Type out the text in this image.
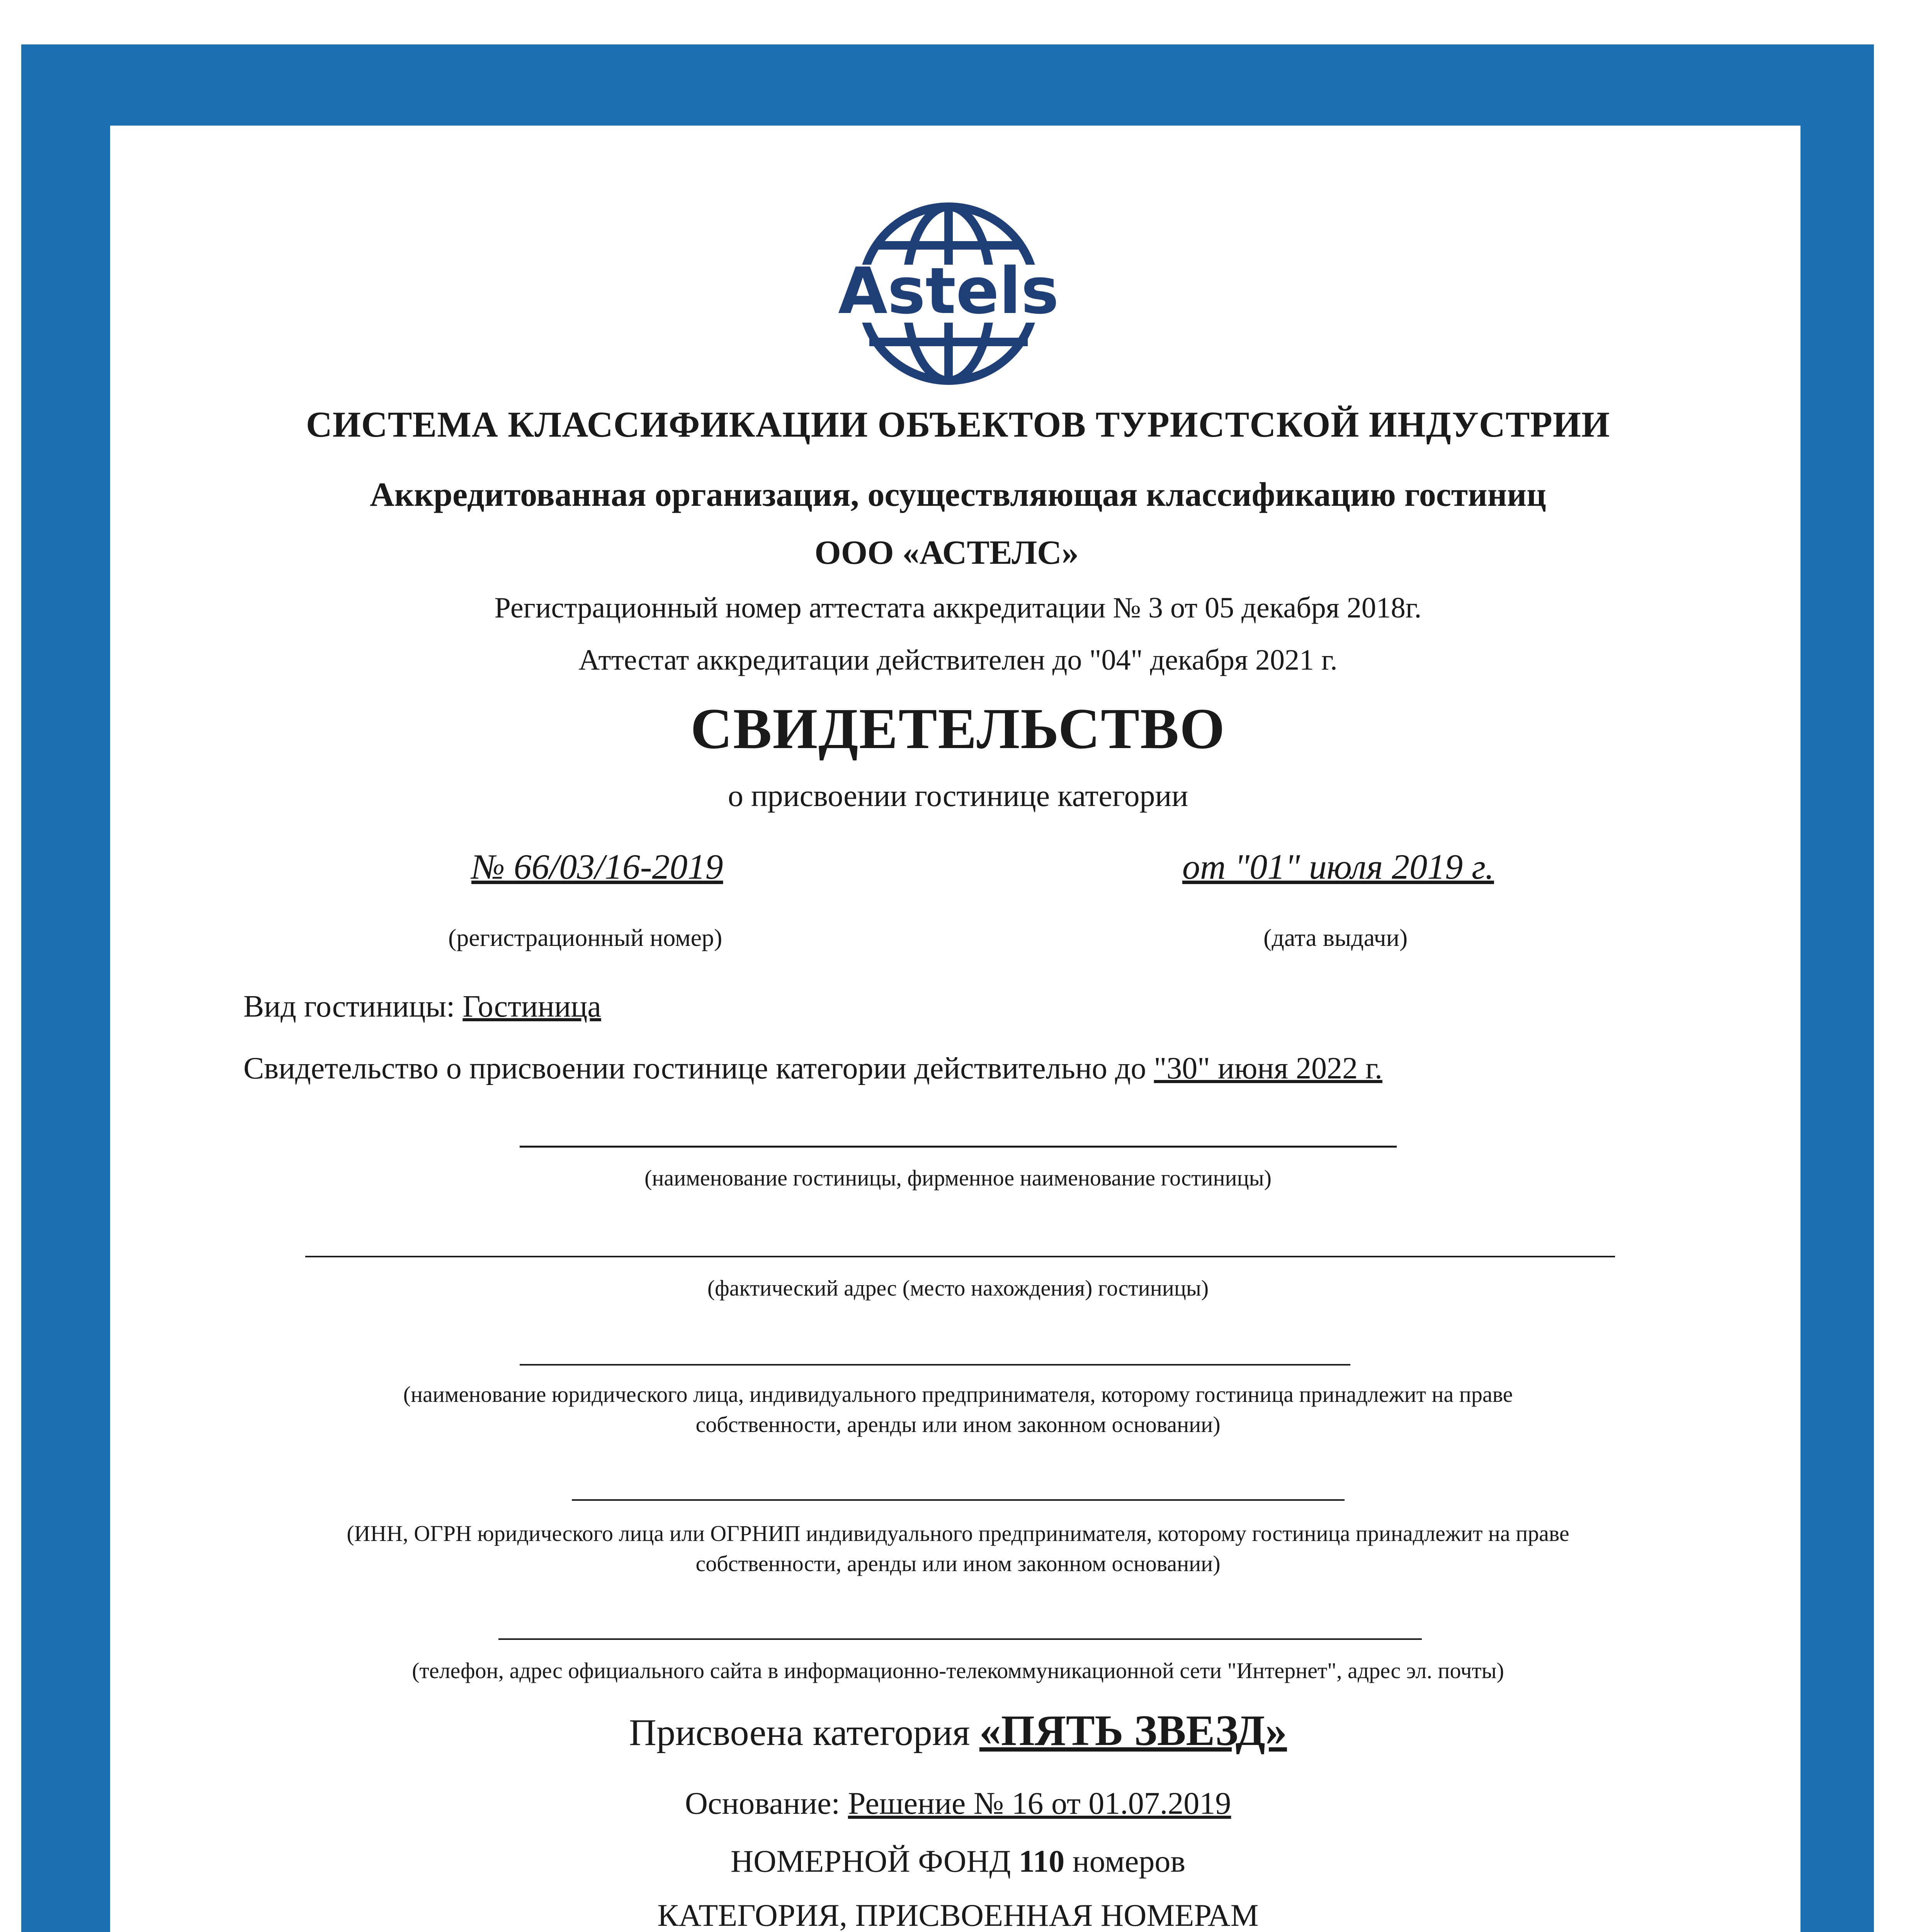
Astels
СИСТЕМА КЛАССИФИКАЦИИ ОБЪЕКТОВ ТУРИСТСКОЙ ИНДУСТРИИ
Аккредитованная организация, осуществляющая классификацию гостиниц
ООО «АСТЕЛС»
Регистрационный номер аттестата аккредитации № 3 от 05 декабря 2018г.
Аттестат аккредитации действителен до "04" декабря 2021 г.
СВИДЕТЕЛЬСТВО
о присвоении гостинице категории
№ 66/03/16-2019	от "01" июля 2019 г.
(регистрационный номер)	(дата выдачи)
Вид гостиницы: Гостиница
Свидетельство о присвоении гостинице категории действительно до "30" июня 2022 г.
(наименование гостиницы, фирменное наименование гостиницы)
(фактический адрес (место нахождения) гостиницы)
(наименование юридического лица, индивидуального предпринимателя, которому гостиница принадлежит на праве
собственности, аренды или ином законном основании)
(ИНН, ОГРН юридического лица или ОГРНИП индивидуального предпринимателя, которому гостиница принадлежит на праве
собственности, аренды или ином законном основании)
(телефон, адрес официального сайта в информационно-телекоммуникационной сети "Интернет", адрес эл. почты)
Присвоена категория «ПЯТЬ ЗВЕЗД»
Основание: Решение № 16 от 01.07.2019
НОМЕРНОЙ ФОНД 110 номеров
КАТЕГОРИЯ, ПРИСВОЕННАЯ НОМЕРАМ
